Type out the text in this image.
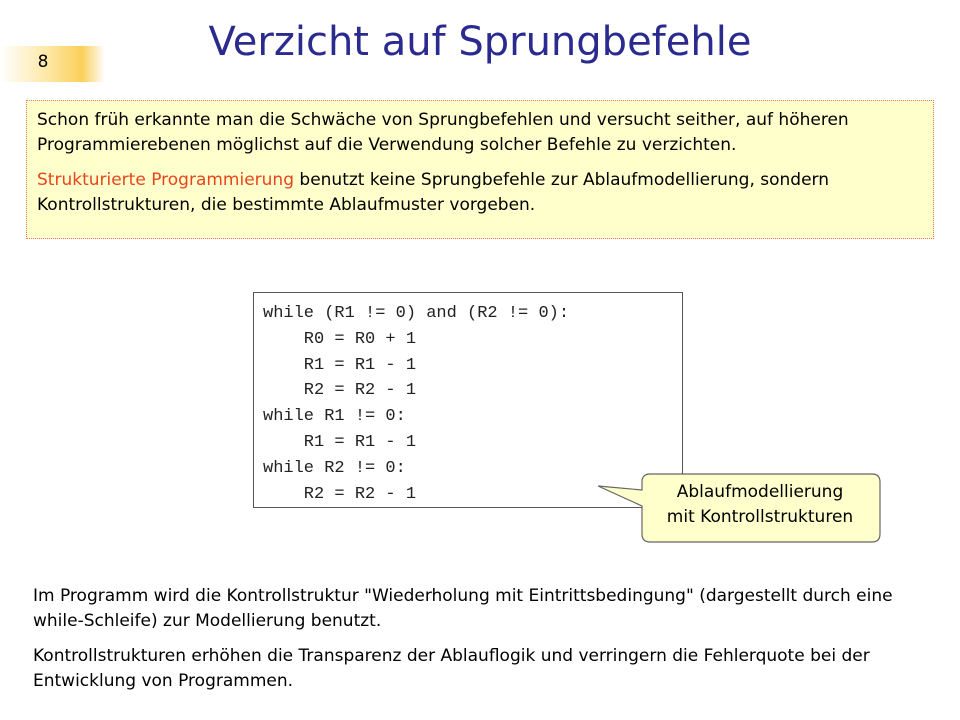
8	Verzicht auf Sprungbefehle

Schon früh erkannte man die Schwäche von Sprungbefehlen und versucht seither, auf höheren Programmierebenen möglichst auf die Verwendung solcher Befehle zu verzichten.

Strukturierte Programmierung benutzt keine Sprungbefehle zur Ablaufmodellierung, sondern Kontrollstrukturen, die bestimmte Ablaufmuster vorgeben.

while (R1 != 0) and (R2 != 0):
R0 = R0 + 1
R1 = R1 - 1
R2 = R2 - 1
while R1 != 0:
R1 = R1 - 1
while R2 != 0:
R2 = R2 - 1	Ablaufmodellierung
mit Kontrollstrukturen

Im Programm wird die Kontrollstruktur "Wiederholung mit Eintrittsbedingung" (dargestellt durch eine while-Schleife) zur Modellierung benutzt.

Kontrollstrukturen erhöhen die Transparenz der Ablauflogik und verringern die Fehlerquote bei der Entwicklung von Programmen.
